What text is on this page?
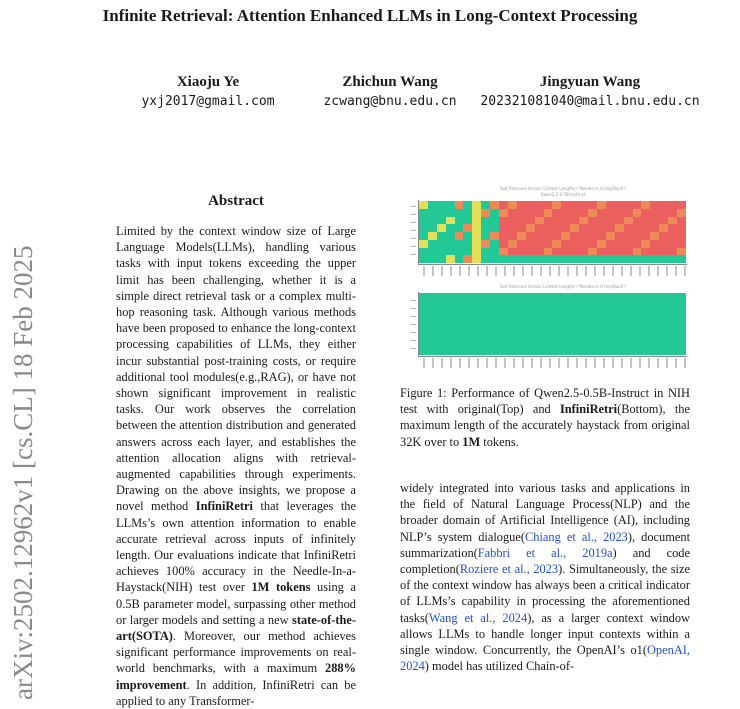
Infinite Retrieval: Attention Enhanced LLMs in Long-Context Processing
Xiaoju Ye
yxj2017@gmail.com
Zhichun Wang
zcwang@bnu.edu.cn
Jingyuan Wang
202321081040@mail.bnu.edu.cn
arXiv:2502.12962v1 [cs.CL] 18 Feb 2025
Abstract

Limited by the context window size of Large Language Models(LLMs), handling various tasks with input tokens exceeding the upper limit has been challenging, whether it is a simple direct retrieval task or a complex multi-hop reasoning task. Although various methods have been proposed to enhance the long-context processing capabilities of LLMs, they either incur substantial post-training costs, or require additional tool modules(e.g.,RAG), or have not shown significant improvement in realistic tasks. Our work observes the correlation between the attention distribution and generated answers across each layer, and establishes the attention allocation aligns with retrieval-augmented capabilities through experiments. Drawing on the above insights, we propose a novel method InfiniRetri that leverages the LLMs’s own attention information to enable accurate retrieval across inputs of infinitely length. Our evaluations indicate that InfiniRetri achieves 100% accuracy in the Needle-In-a-Haystack(NIH) test over 1M tokens using a 0.5B parameter model, surpassing other method or larger models and setting a new state-of-the-art(SOTA). Moreover, our method achieves significant performance improvements on real-world benchmarks, with a maximum 288% improvement. In addition, InfiniRetri can be applied to any Transformer-

Fact Retrieval Across Context Lengths ("Needle In A HayStack")
Qwen2.5-0.5B-Instruct
Fact Retrieval Across Context Lengths ("Needle In A HayStack")

Figure 1: Performance of Qwen2.5-0.5B-Instruct in NIH test with original(Top) and InfiniRetri(Bottom), the maximum length of the accurately haystack from original 32K over to 1M tokens.

widely integrated into various tasks and applications in the field of Natural Language Process(NLP) and the broader domain of Artificial Intelligence (AI), including NLP’s system dialogue(Chiang et al., 2023), document summarization(Fabbri et al., 2019a) and code completion(Roziere et al., 2023). Simultaneously, the size of the context window has always been a critical indicator of LLMs’s capability in processing the aforementioned tasks(Wang et al., 2024), as a larger context window allows LLMs to handle longer input contexts within a single window. Concurrently, the OpenAI’s o1(OpenAI, 2024) model has utilized Chain-of-
